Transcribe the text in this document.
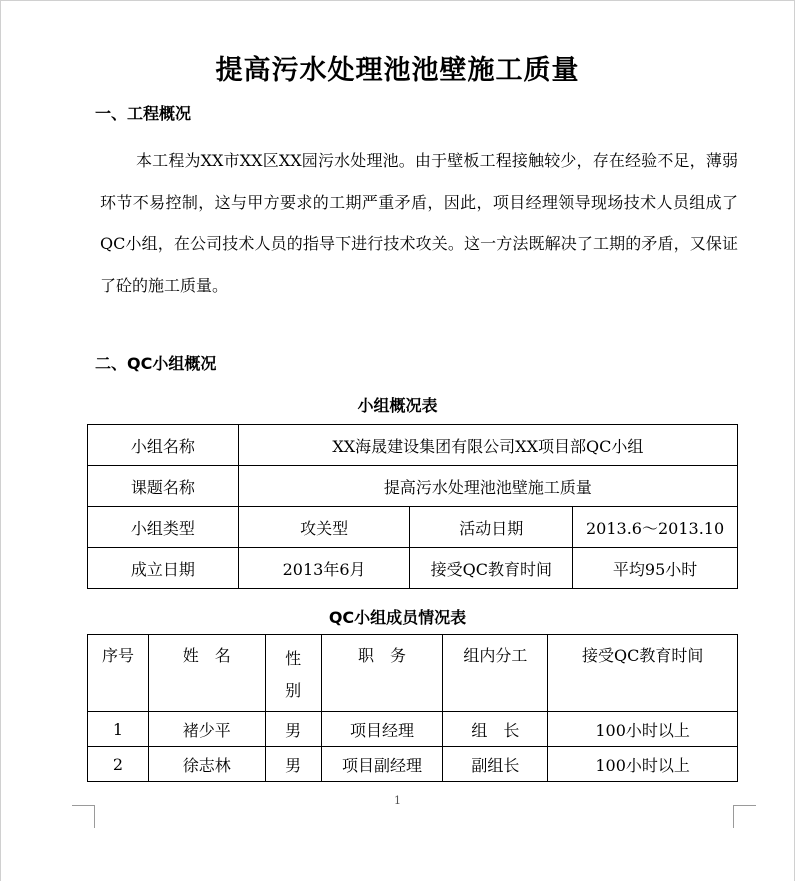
提高污水处理池池壁施工质量
一、工程概况
本工程为XX市XX区XX园污水处理池。由于壁板工程接触较少，存在经验不足，薄弱环节不易控制，这与甲方要求的工期严重矛盾，因此，项目经理领导现场技术人员组成了QC小组，在公司技术人员的指导下进行技术攻关。这一方法既解决了工期的矛盾，又保证了砼的施工质量。
二、QC小组概况
小组概况表
小组名称	XX海晟建设集团有限公司XX项目部QC小组		
课题名称	提高污水处理池池壁施工质量		
小组类型	攻关型	活动日期	2013.6～2013.10
成立日期	2013年6月	接受QC教育时间	平均95小时
QC小组成员情况表
序号	姓　名	性别	职　务	组内分工	接受QC教育时间
1	褚少平	男	项目经理	组　长	100小时以上
2	徐志林	男	项目副经理	副组长	100小时以上
1
